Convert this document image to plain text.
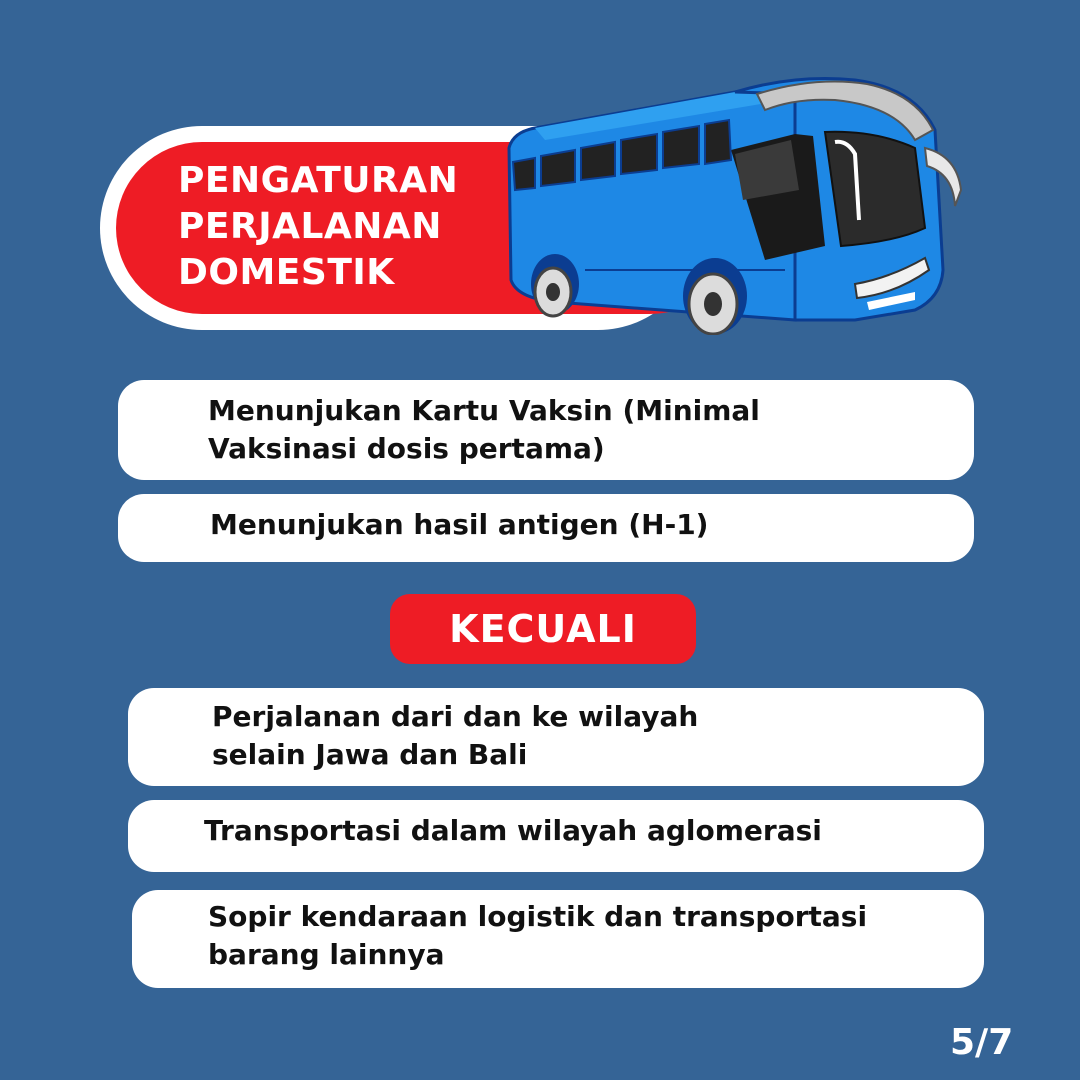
PENGATURAN
PERJALANAN
DOMESTIK
Menunjukan Kartu Vaksin (Minimal
Vaksinasi dosis pertama)
Menunjukan hasil antigen (H-1)
KECUALI
Perjalanan dari dan ke wilayah
selain Jawa dan Bali
Transportasi dalam wilayah aglomerasi
Sopir kendaraan logistik dan transportasi
barang lainnya
5/7
